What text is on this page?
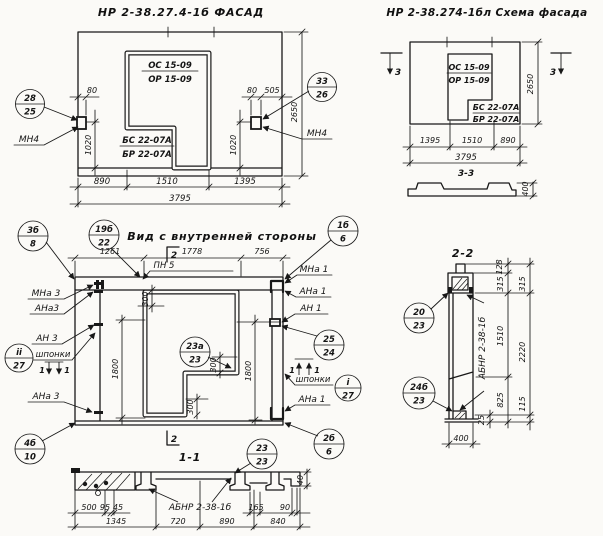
НР 2-38.27.4-1б ФАСАД
ОС 15-09
ОР 15-09
БС 22-07А
БР 22-07А
80
1020
80 505
1020
2650
890	1510	1395
3795
28
25
33
26
МН4
МН4
НР 2-38.274-1бл Схема фасада
ОС 15-09
ОР 15-09
БС 22-07А
БР 22-07А
3	3
2650
1395	1510 890
3795
3-3
400
Вид с внутренней стороны
3б
8
19б
22
1б
6
1261	1778	756
2
ПН 5
300
1800	1800
300
300
23а
23
МНа 3
АНа3
АН 3
ii
27
шпонки
1 1
АНа 3
4б
10
МНа 1
АНа 1
АН 1
25
24
1 1
шпонки i
27
АНа 1
2б
6
2
1-1
23
23
АБНР 2-38-1б
40
500 95 45	165 90
1345	720	890	840
2-2
128
315
1510
825
315
2220
115
25
400
АБНР 2-38-1б
20
23
24б
23
